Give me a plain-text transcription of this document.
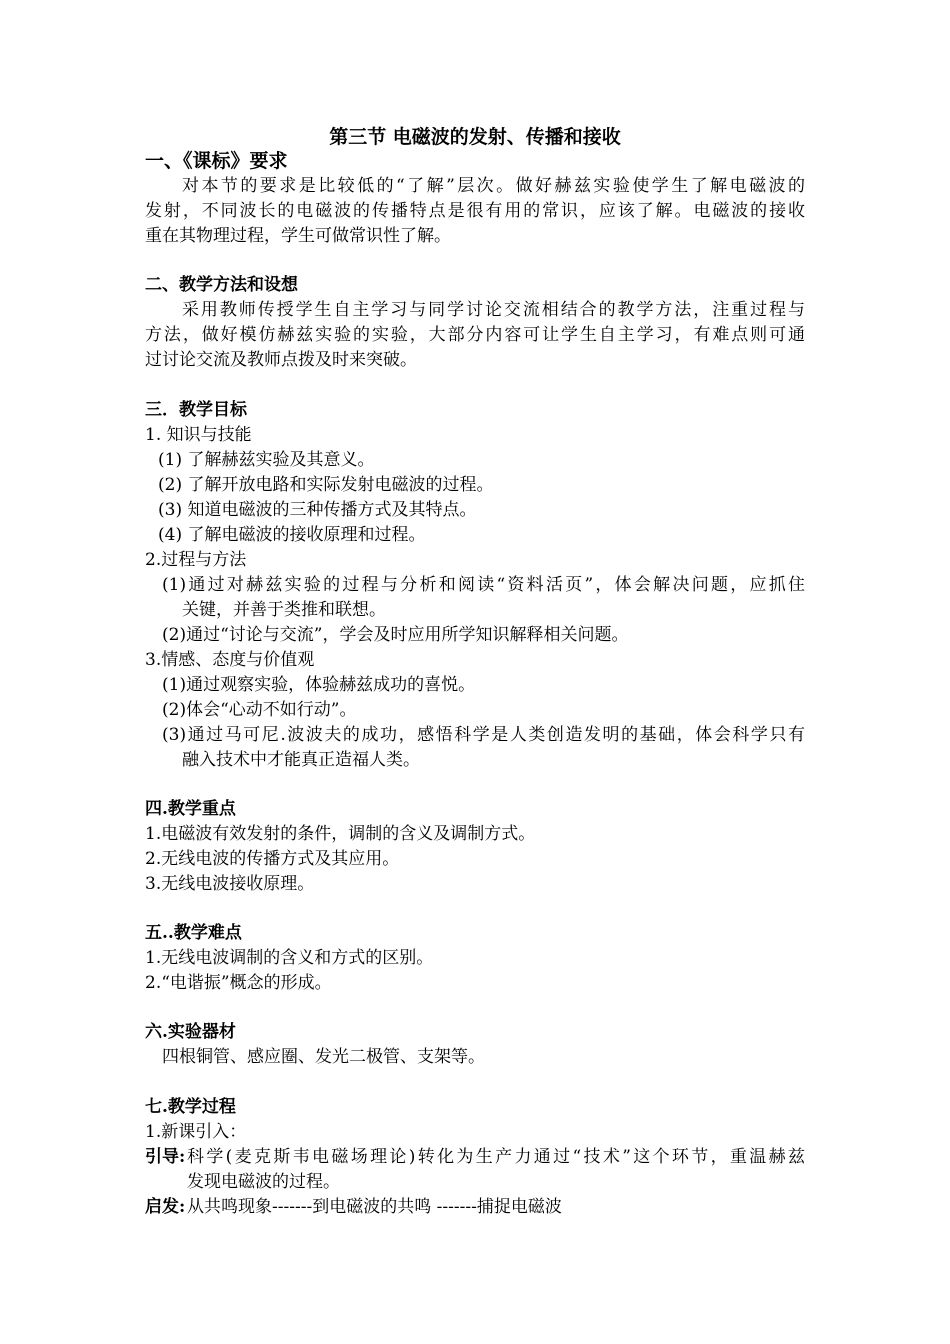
第三节 电磁波的发射、传播和接收
一、《课标》要求
对本节的要求是比较低的“了解”层次。做好赫兹实验使学生了解电磁波的
发射，不同波长的电磁波的传播特点是很有用的常识，应该了解。电磁波的接收
重在其物理过程，学生可做常识性了解。
二、教学方法和设想
采用教师传授学生自主学习与同学讨论交流相结合的教学方法，注重过程与
方法，做好模仿赫兹实验的实验，大部分内容可让学生自主学习，有难点则可通
过讨论交流及教师点拨及时来突破。
三．教学目标
1. 知识与技能
(1) 了解赫兹实验及其意义。
(2) 了解开放电路和实际发射电磁波的过程。
(3) 知道电磁波的三种传播方式及其特点。
(4) 了解电磁波的接收原理和过程。
2.过程与方法
(1)通过对赫兹实验的过程与分析和阅读“资料活页”，体会解决问题，应抓住
关键，并善于类推和联想。
(2)通过“讨论与交流”，学会及时应用所学知识解释相关问题。
3.情感、态度与价值观
(1)通过观察实验，体验赫兹成功的喜悦。
(2)体会“心动不如行动”。
(3)通过马可尼.波波夫的成功，感悟科学是人类创造发明的基础，体会科学只有
融入技术中才能真正造福人类。
四.教学重点
1.电磁波有效发射的条件，调制的含义及调制方式。
2.无线电波的传播方式及其应用。
3.无线电波接收原理。
五..教学难点
1.无线电波调制的含义和方式的区别。
2.“电谐振”概念的形成。
六.实验器材
四根铜管、感应圈、发光二极管、支架等。
七.教学过程
1.新课引入：
引导: 科学(麦克斯韦电磁场理论)转化为生产力通过“技术”这个环节，重温赫兹
发现电磁波的过程。
启发: 从共鸣现象-------到电磁波的共鸣 -------捕捉电磁波
